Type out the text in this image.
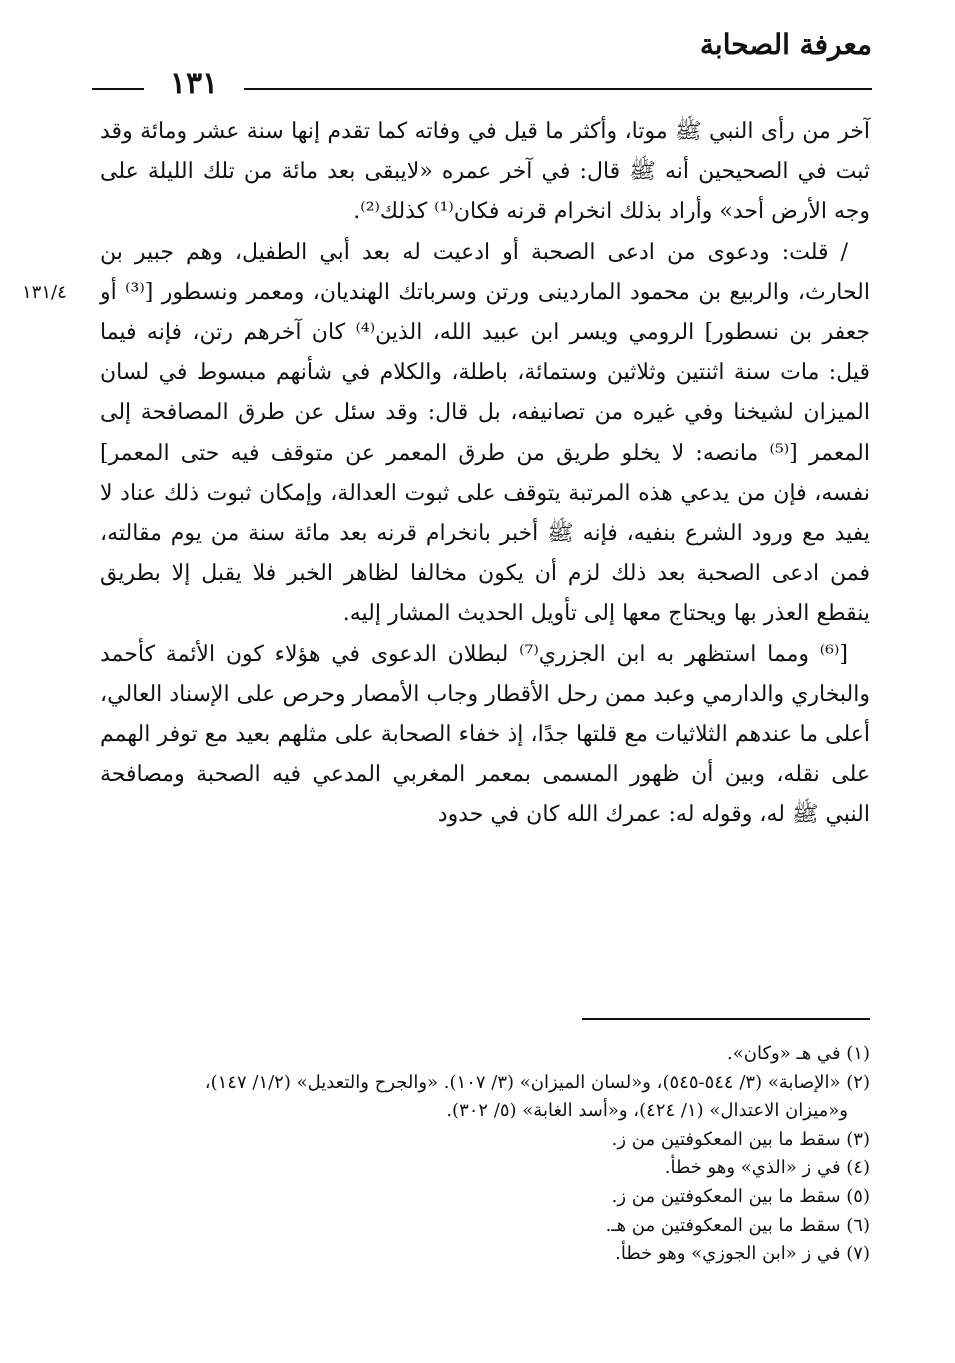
معرفة الصحابة
١٣١
١٣١/٤

آخر من رأى النبي ﷺ موتا، وأكثر ما قيل في وفاته كما تقدم إنها سنة عشر ومائة وقد ثبت في الصحيحين أنه ﷺ قال: في آخر عمره «لايبقى بعد مائة من تلك الليلة على وجه الأرض أحد» وأراد بذلك انخرام قرنه فكان⁽¹⁾ كذلك⁽²⁾.

/ قلت: ودعوى من ادعى الصحبة أو ادعيت له بعد أبي الطفيل، وهم جبير بن الحارث، والربيع بن محمود الماردينى ورتن وسرباتك الهنديان، ومعمر ونسطور [⁽³⁾ أو جعفر بن نسطور] الرومي ويسر ابن عبيد الله، الذين⁽⁴⁾ كان آخرهم رتن، فإنه فيما قيل: مات سنة اثنتين وثلاثين وستمائة، باطلة، والكلام في شأنهم مبسوط في لسان الميزان لشيخنا وفي غيره من تصانيفه، بل قال: وقد سئل عن طرق المصافحة إلى المعمر [⁽⁵⁾ مانصه: لا يخلو طريق من طرق المعمر عن متوقف فيه حتى المعمر] نفسه، فإن من يدعي هذه المرتبة يتوقف على ثبوت العدالة، وإمكان ثبوت ذلك عناد لا يفيد مع ورود الشرع بنفيه، فإنه ﷺ أخبر بانخرام قرنه بعد مائة سنة من يوم مقالته، فمن ادعى الصحبة بعد ذلك لزم أن يكون مخالفا لظاهر الخبر فلا يقبل إلا بطريق ينقطع العذر بها ويحتاج معها إلى تأويل الحديث المشار إليه.

[⁽⁶⁾ ومما استظهر به ابن الجزري⁽⁷⁾ لبطلان الدعوى في هؤلاء كون الأئمة كأحمد والبخاري والدارمي وعبد ممن رحل الأقطار وجاب الأمصار وحرص على الإسناد العالي، أعلى ما عندهم الثلاثيات مع قلتها جدًا، إذ خفاء الصحابة على مثلهم بعيد مع توفر الهمم على نقله، وبين أن ظهور المسمى بمعمر المغربي المدعي فيه الصحبة ومصافحة النبي ﷺ له، وقوله له: عمرك الله كان في حدود

(١) في هـ «وكان».

(٢) «الإصابة» (٣/ ٥٤٤-٥٤٥)، و«لسان الميزان» (٣/ ١٠٧). «والجرح والتعديل» (١/٢/ ١٤٧)،

و«ميزان الاعتدال» (١/ ٤٢٤)، و«أسد الغابة» (٥/ ٣٠٢).

(٣) سقط ما بين المعكوفتين من ز.

(٤) في ز «الذي» وهو خطأ.

(٥) سقط ما بين المعكوفتين من ز.

(٦) سقط ما بين المعكوفتين من هـ.

(٧) في ز «ابن الجوزي» وهو خطأ.
